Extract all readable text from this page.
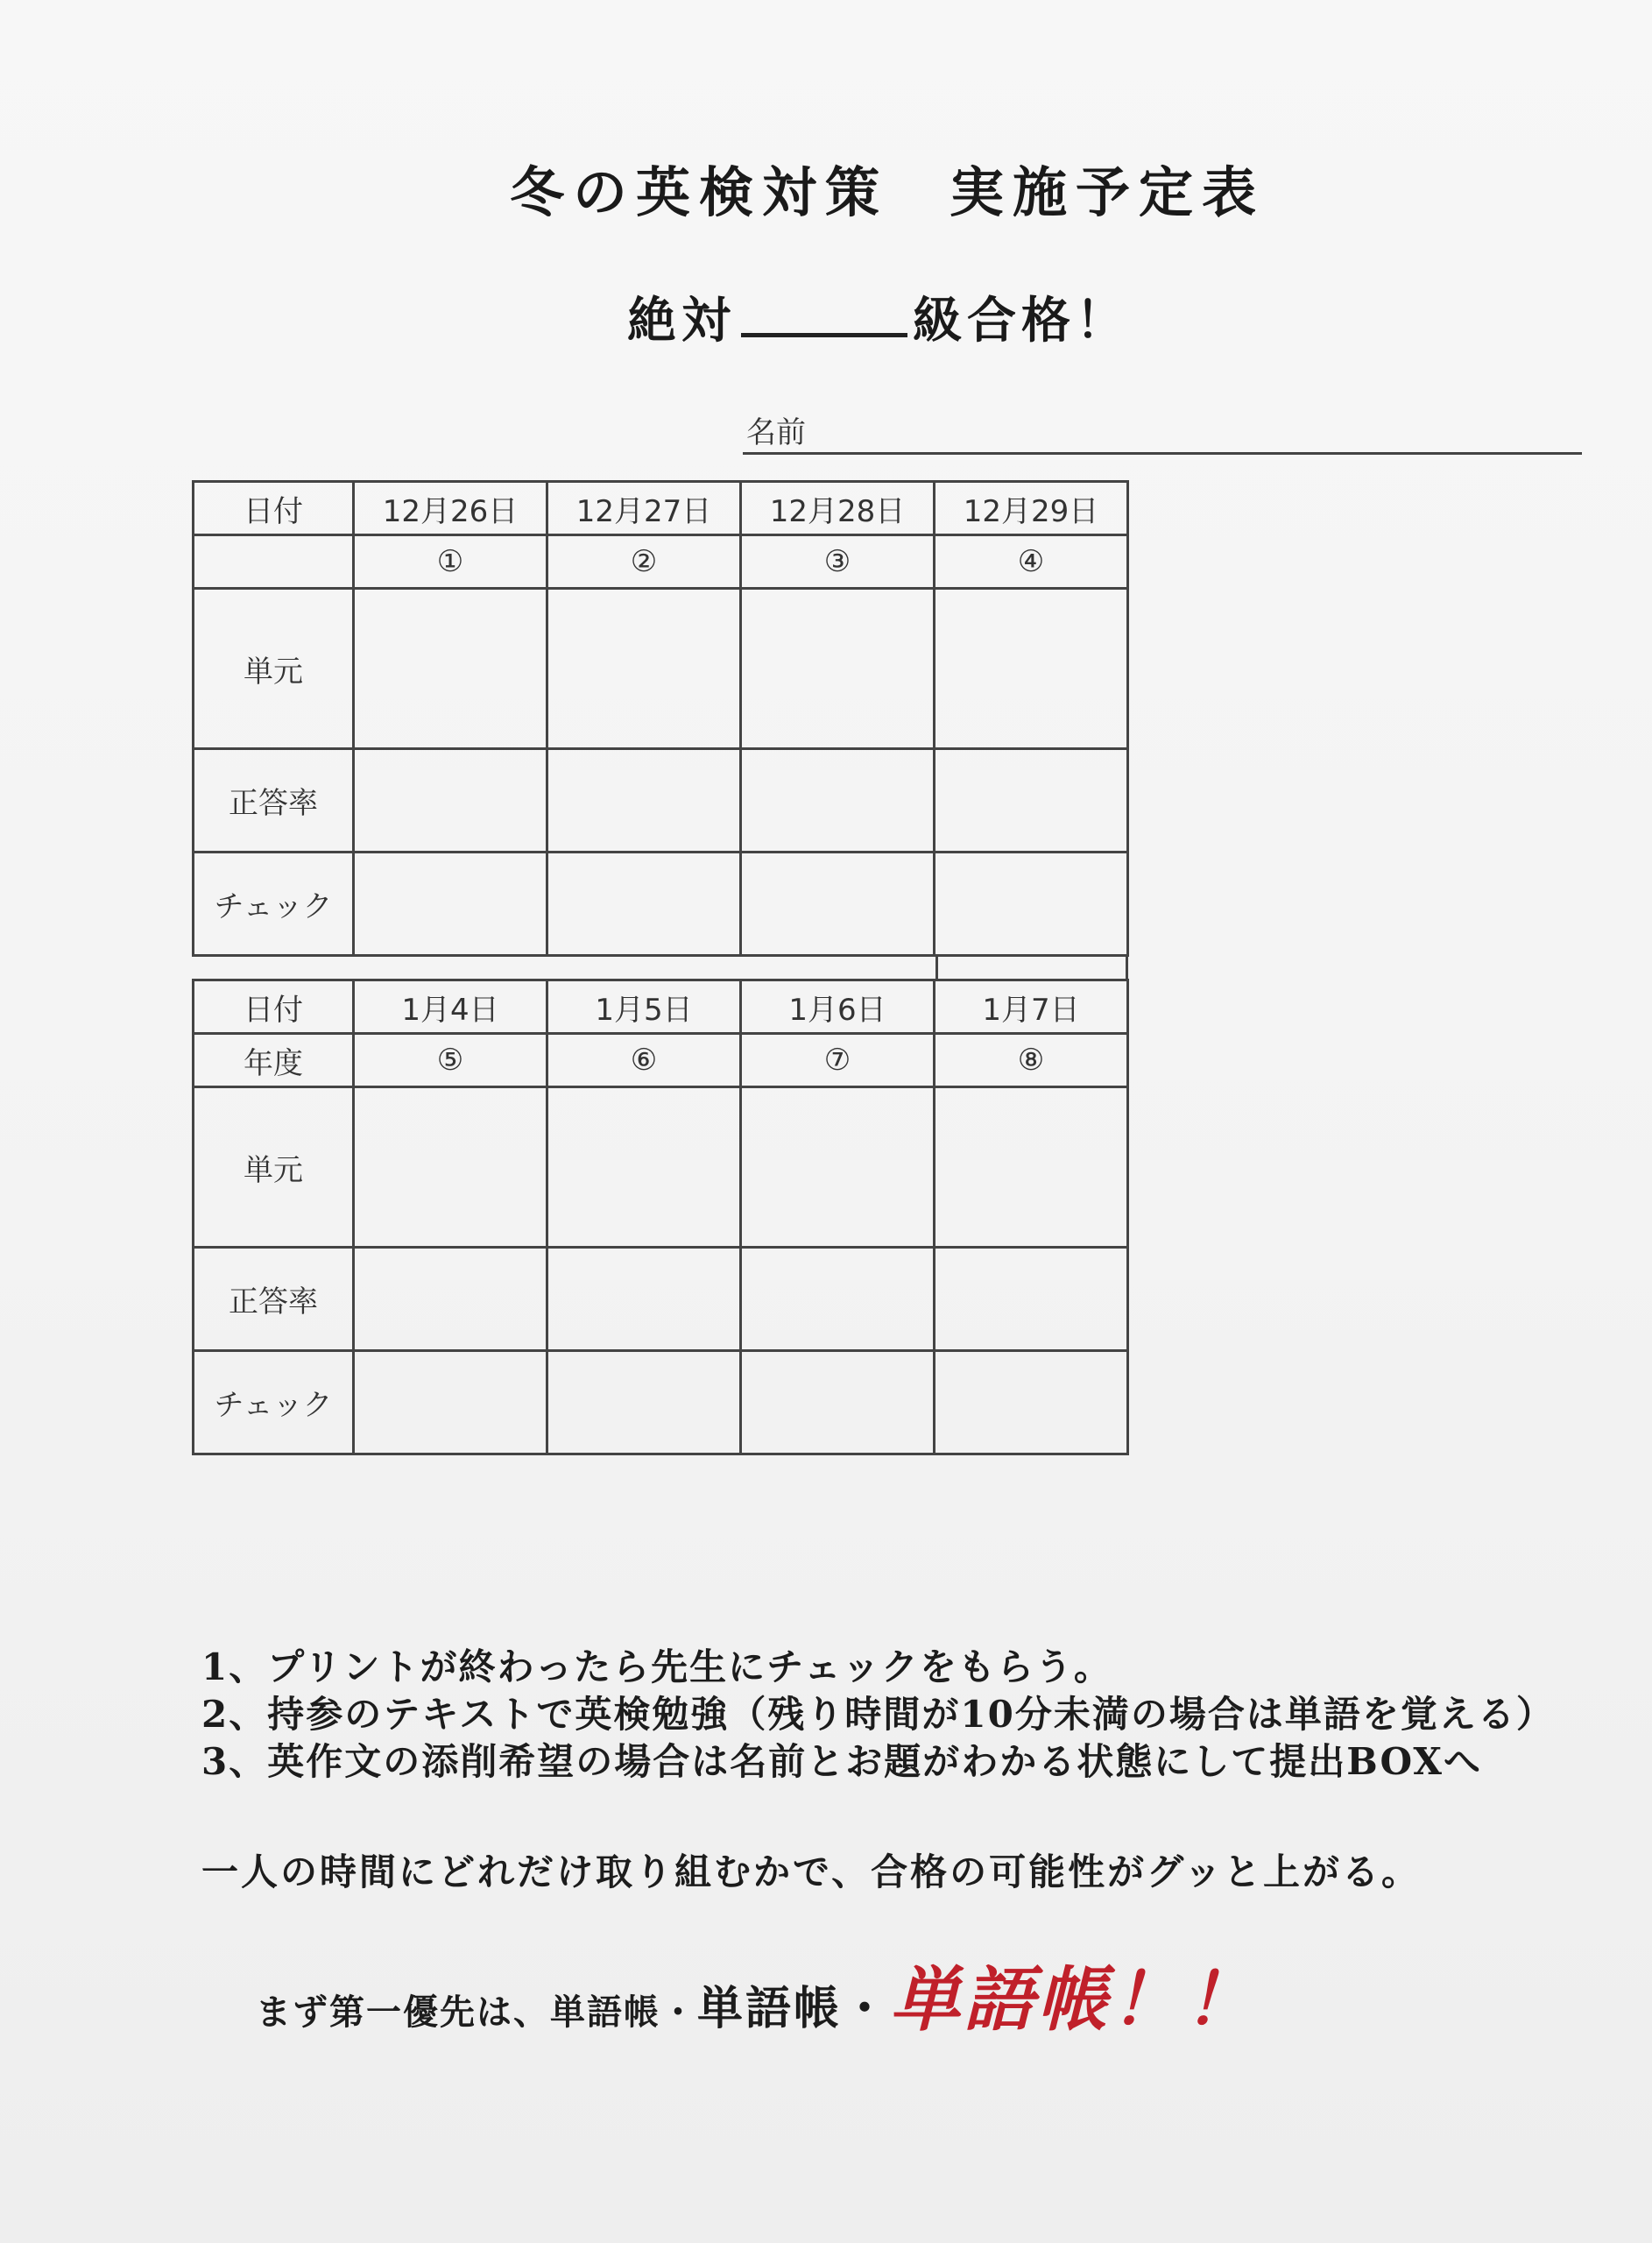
冬の英検対策 実施予定表
絶対	級合格！
名前
日付	12月26日	12月27日	12月28日	12月29日
	①	②	③	④
単元				
正答率				
チェック				
日付	1月4日	1月5日	1月6日	1月7日
年度	⑤	⑥	⑦	⑧
単元				
正答率				
チェック				
1、プリントが終わったら先生にチェックをもらう。
2、持参のテキストで英検勉強（残り時間が10分未満の場合は単語を覚える）
3、英作文の添削希望の場合は名前とお題がわかる状態にして提出BOXへ
一人の時間にどれだけ取り組むかで、合格の可能性がグッと上がる。
まず第一優先は、単語帳・単語帳・単語帳！！
